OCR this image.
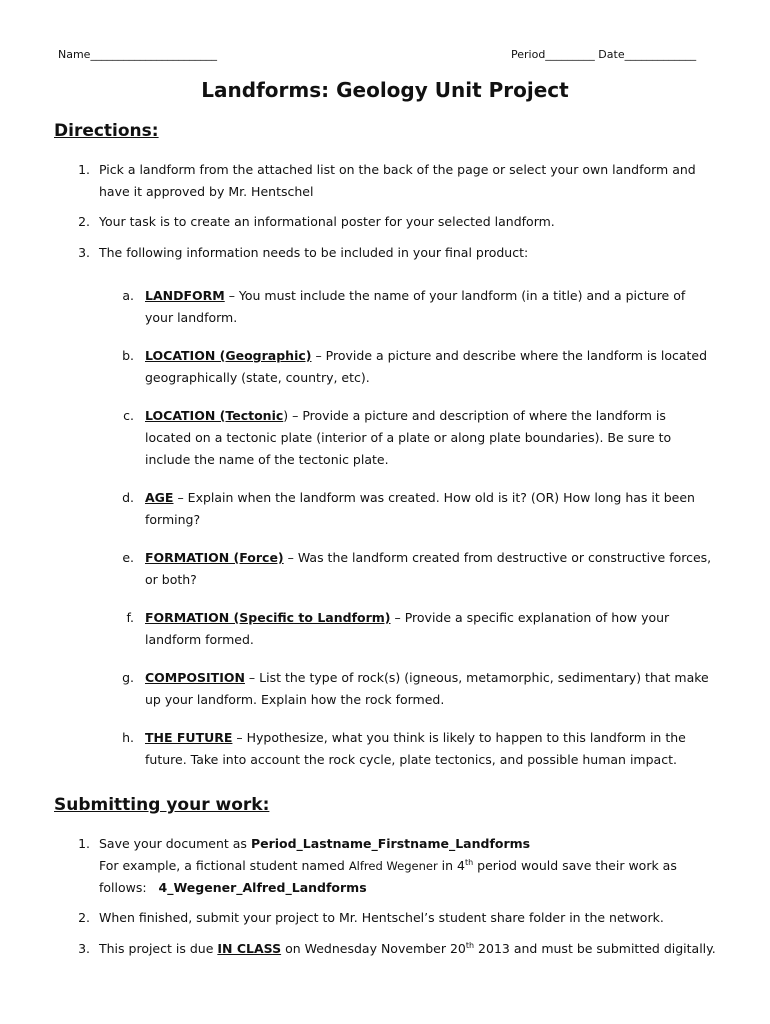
Name_______________________	Period_________ Date_____________
Landforms: Geology Unit Project
Directions:
1. Pick a landform from the attached list on the back of the page or select your own landform and have it approved by Mr. Hentschel
2. Your task is to create an informational poster for your selected landform.
3. The following information needs to be included in your final product:
a. LANDFORM – You must include the name of your landform (in a title) and a picture of your landform.
b. LOCATION (Geographic) – Provide a picture and describe where the landform is located geographically (state, country, etc).
c. LOCATION (Tectonic) – Provide a picture and description of where the landform is located on a tectonic plate (interior of a plate or along plate boundaries). Be sure to include the name of the tectonic plate.
d. AGE – Explain when the landform was created. How old is it? (OR) How long has it been forming?
e. FORMATION (Force) – Was the landform created from destructive or constructive forces, or both?
f. FORMATION (Specific to Landform) – Provide a specific explanation of how your landform formed.
g. COMPOSITION – List the type of rock(s) (igneous, metamorphic, sedimentary) that make up your landform. Explain how the rock formed.
h. THE FUTURE – Hypothesize, what you think is likely to happen to this landform in the future. Take into account the rock cycle, plate tectonics, and possible human impact.
Submitting your work:
1. Save your document as Period_Lastname_Firstname_Landforms
For example, a fictional student named Alfred Wegener in 4th period would save their work as
follows:   4_Wegener_Alfred_Landforms
2. When finished, submit your project to Mr. Hentschel’s student share folder in the network.
3. This project is due IN CLASS on Wednesday November 20th 2013 and must be submitted digitally.
